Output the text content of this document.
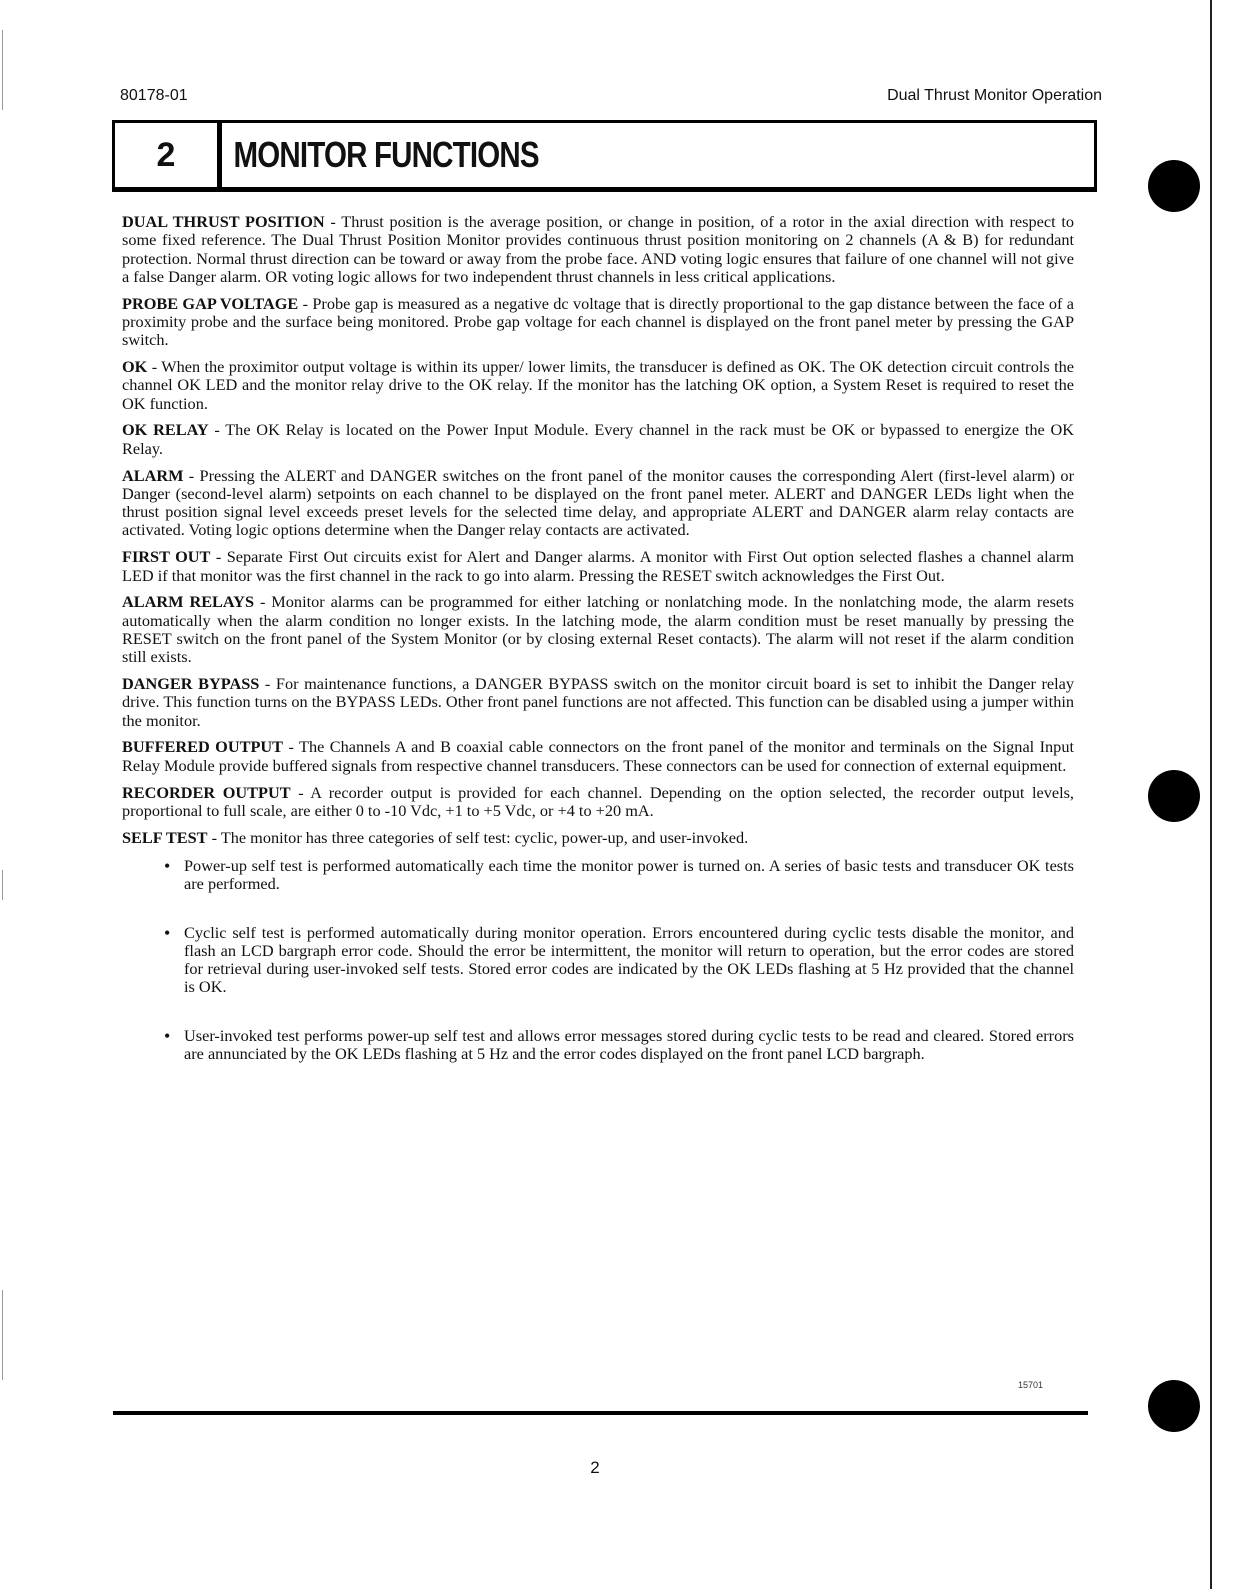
80178-01	Dual Thrust Monitor Operation
2	MONITOR FUNCTIONS

DUAL THRUST POSITION - Thrust position is the average position, or change in position, of a rotor in the axial direction with respect to some fixed reference. The Dual Thrust Position Monitor provides continuous thrust position monitoring on 2 channels (A & B) for redundant protection. Normal thrust direction can be toward or away from the probe face. AND voting logic ensures that failure of one channel will not give a false Danger alarm. OR voting logic allows for two independent thrust channels in less critical applications.

PROBE GAP VOLTAGE - Probe gap is measured as a negative dc voltage that is directly proportional to the gap distance between the face of a proximity probe and the surface being monitored. Probe gap voltage for each channel is displayed on the front panel meter by pressing the GAP switch.

OK - When the proximitor output voltage is within its upper/ lower limits, the transducer is defined as OK. The OK detection circuit controls the channel OK LED and the monitor relay drive to the OK relay. If the monitor has the latching OK option, a System Reset is required to reset the OK function.

OK RELAY - The OK Relay is located on the Power Input Module. Every channel in the rack must be OK or bypassed to energize the OK Relay.

ALARM - Pressing the ALERT and DANGER switches on the front panel of the monitor causes the corresponding Alert (first-level alarm) or Danger (second-level alarm) setpoints on each channel to be displayed on the front panel meter. ALERT and DANGER LEDs light when the thrust position signal level exceeds preset levels for the selected time delay, and appropriate ALERT and DANGER alarm relay contacts are activated. Voting logic options determine when the Danger relay contacts are activated.

FIRST OUT - Separate First Out circuits exist for Alert and Danger alarms. A monitor with First Out option selected flashes a channel alarm LED if that monitor was the first channel in the rack to go into alarm. Pressing the RESET switch acknowledges the First Out.

ALARM RELAYS - Monitor alarms can be programmed for either latching or nonlatching mode. In the nonlatching mode, the alarm resets automatically when the alarm condition no longer exists. In the latching mode, the alarm condition must be reset manually by pressing the RESET switch on the front panel of the System Monitor (or by closing external Reset contacts). The alarm will not reset if the alarm condition still exists.

DANGER BYPASS - For maintenance functions, a DANGER BYPASS switch on the monitor circuit board is set to inhibit the Danger relay drive. This function turns on the BYPASS LEDs. Other front panel functions are not affected. This function can be disabled using a jumper within the monitor.

BUFFERED OUTPUT - The Channels A and B coaxial cable connectors on the front panel of the monitor and terminals on the Signal Input Relay Module provide buffered signals from respective channel transducers. These connectors can be used for connection of external equipment.

RECORDER OUTPUT - A recorder output is provided for each channel. Depending on the option selected, the recorder output levels, proportional to full scale, are either 0 to -10 Vdc, +1 to +5 Vdc, or +4 to +20 mA.

SELF TEST - The monitor has three categories of self test: cyclic, power-up, and user-invoked.

• Power-up self test is performed automatically each time the monitor power is turned on. A series of basic tests and transducer OK tests are performed.
• Cyclic self test is performed automatically during monitor operation. Errors encountered during cyclic tests disable the monitor, and flash an LCD bargraph error code. Should the error be intermittent, the monitor will return to operation, but the error codes are stored for retrieval during user-invoked self tests. Stored error codes are indicated by the OK LEDs flashing at 5 Hz provided that the channel is OK.
• User-invoked test performs power-up self test and allows error messages stored during cyclic tests to be read and cleared. Stored errors are annunciated by the OK LEDs flashing at 5 Hz and the error codes displayed on the front panel LCD bargraph.
15701
2
